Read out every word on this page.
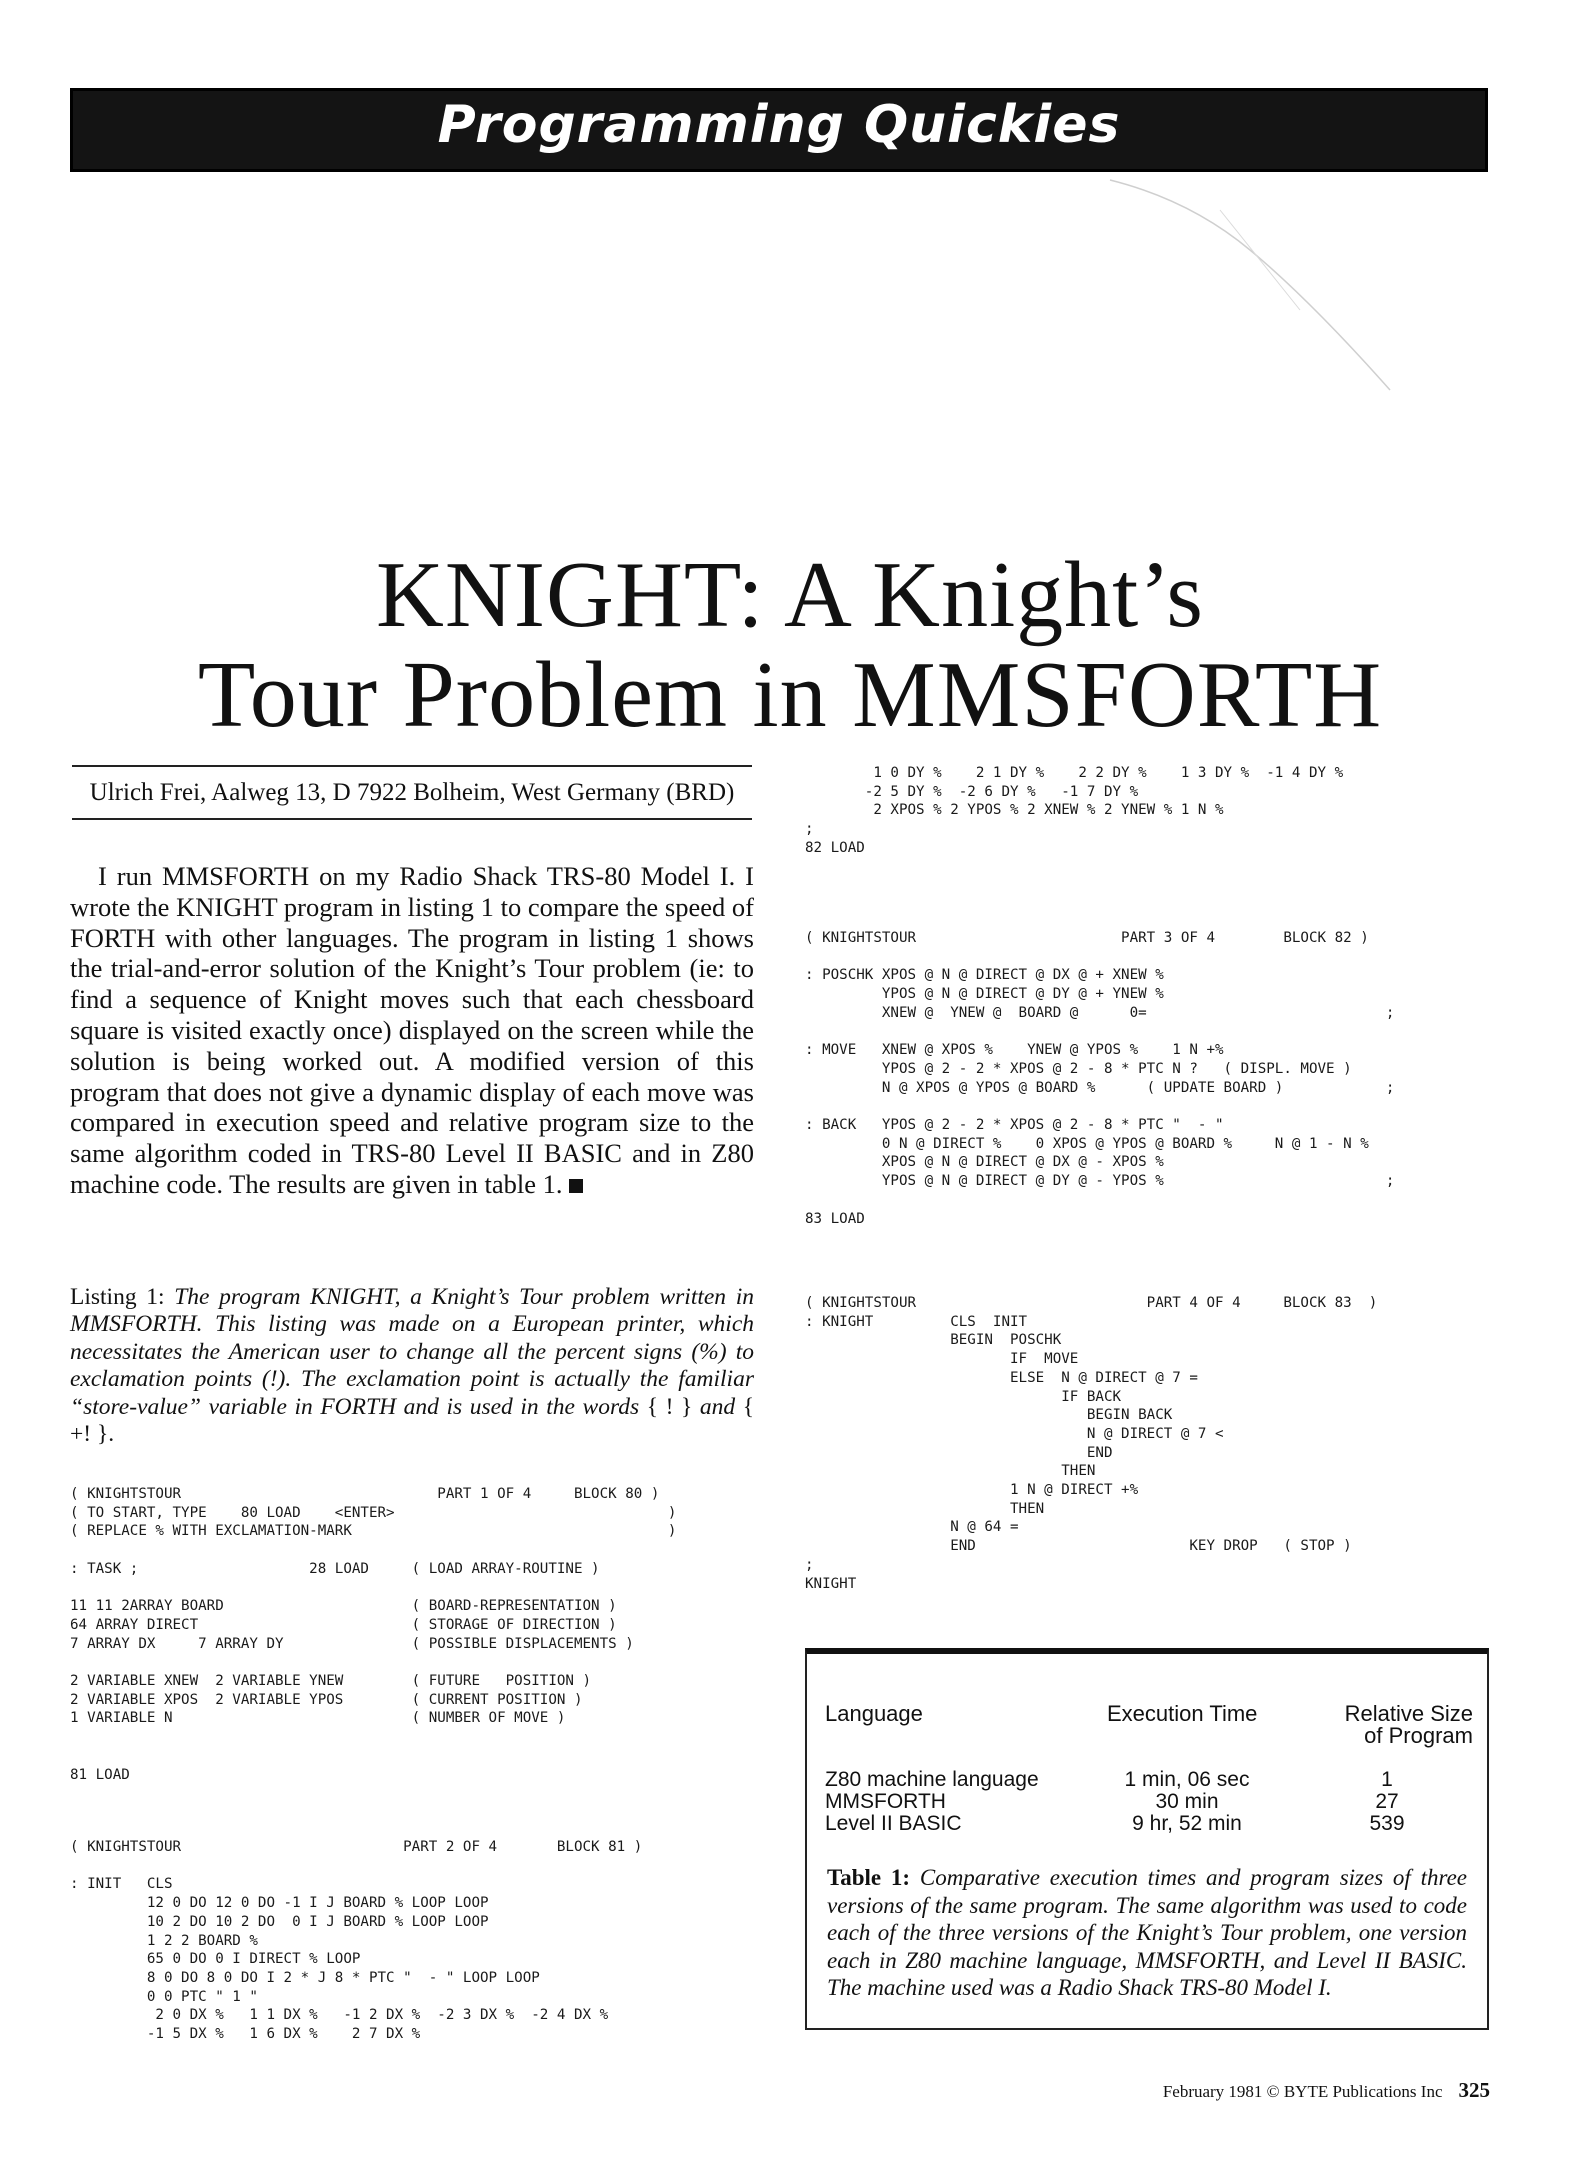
Programming Quickies
KNIGHT: A Knight’s
Tour Problem in MMSFORTH
Ulrich Frei, Aalweg 13, D 7922 Bolheim, West Germany (BRD)
I run MMSFORTH on my Radio Shack TRS-80 Model I. I wrote the KNIGHT program in listing 1 to compare the speed of FORTH with other languages. The program in listing 1 shows the trial-and-error solution of the Knight’s Tour problem (ie: to find a sequence of Knight moves such that each chessboard square is visited exactly once) displayed on the screen while the solution is being worked out. A modified version of this program that does not give a dynamic display of each move was compared in execution speed and relative program size to the same algorithm coded in TRS-80 Level II BASIC and in Z80 machine code. The results are given in table 1.
Listing 1: The program KNIGHT, a Knight’s Tour problem written in MMSFORTH. This listing was made on a European printer, which necessitates the American user to change all the percent signs (%) to exclamation points (!). The exclamation point is actually the familiar “store-value” variable in FORTH and is used in the words { ! } and { +! }.
( KNIGHTSTOUR                              PART 1 OF 4     BLOCK 80 )
( TO START, TYPE    80 LOAD    <ENTER>                                )
( REPLACE % WITH EXCLAMATION-MARK                                     )

: TASK ;                    28 LOAD     ( LOAD ARRAY-ROUTINE )

11 11 2ARRAY BOARD                      ( BOARD-REPRESENTATION )
64 ARRAY DIRECT                         ( STORAGE OF DIRECTION )
7 ARRAY DX     7 ARRAY DY               ( POSSIBLE DISPLACEMENTS )

2 VARIABLE XNEW  2 VARIABLE YNEW        ( FUTURE   POSITION )
2 VARIABLE XPOS  2 VARIABLE YPOS        ( CURRENT POSITION )
1 VARIABLE N                            ( NUMBER OF MOVE )

81 LOAD
( KNIGHTSTOUR                          PART 2 OF 4       BLOCK 81 )

: INIT   CLS
12 0 DO 12 0 DO -1 I J BOARD % LOOP LOOP
10 2 DO 10 2 DO  0 I J BOARD % LOOP LOOP
1 2 2 BOARD %
65 0 DO 0 I DIRECT % LOOP
8 0 DO 8 0 DO I 2 * J 8 * PTC "  - " LOOP LOOP
0 0 PTC " 1 "
2 0 DX %   1 1 DX %   -1 2 DX %  -2 3 DX %  -2 4 DX %
-1 5 DX %   1 6 DX %    2 7 DX %
1 0 DY %    2 1 DY %    2 2 DY %    1 3 DY %  -1 4 DY %
-2 5 DY %  -2 6 DY %   -1 7 DY %
2 XPOS % 2 YPOS % 2 XNEW % 2 YNEW % 1 N %
;
82 LOAD
( KNIGHTSTOUR                        PART 3 OF 4        BLOCK 82 )

: POSCHK XPOS @ N @ DIRECT @ DX @ + XNEW %
YPOS @ N @ DIRECT @ DY @ + YNEW %
XNEW @  YNEW @  BOARD @      0=                            ;

: MOVE   XNEW @ XPOS %    YNEW @ YPOS %    1 N +%
YPOS @ 2 - 2 * XPOS @ 2 - 8 * PTC N ?   ( DISPL. MOVE )
N @ XPOS @ YPOS @ BOARD %      ( UPDATE BOARD )            ;

: BACK   YPOS @ 2 - 2 * XPOS @ 2 - 8 * PTC "  - "
0 N @ DIRECT %    0 XPOS @ YPOS @ BOARD %     N @ 1 - N %
XPOS @ N @ DIRECT @ DX @ - XPOS %
YPOS @ N @ DIRECT @ DY @ - YPOS %                          ;

83 LOAD
( KNIGHTSTOUR                           PART 4 OF 4     BLOCK 83  )
: KNIGHT         CLS  INIT
BEGIN  POSCHK
IF  MOVE
ELSE  N @ DIRECT @ 7 =
IF BACK
BEGIN BACK
N @ DIRECT @ 7 <
END
THEN
1 N @ DIRECT +%
THEN
N @ 64 =
END                         KEY DROP   ( STOP )
;
KNIGHT
Language	Execution Time	Relative Size
of Program
Z80 machine language	1 min, 06 sec	1
MMSFORTH	30 min	27
Level II BASIC	9 hr, 52 min	539
Table 1: Comparative execution times and program sizes of three versions of the same program. The same algorithm was used to code each of the three versions of the Knight’s Tour problem, one version each in Z80 machine language, MMSFORTH, and Level II BASIC. The machine used was a Radio Shack TRS-80 Model I.
February 1981 © BYTE Publications Inc 325
